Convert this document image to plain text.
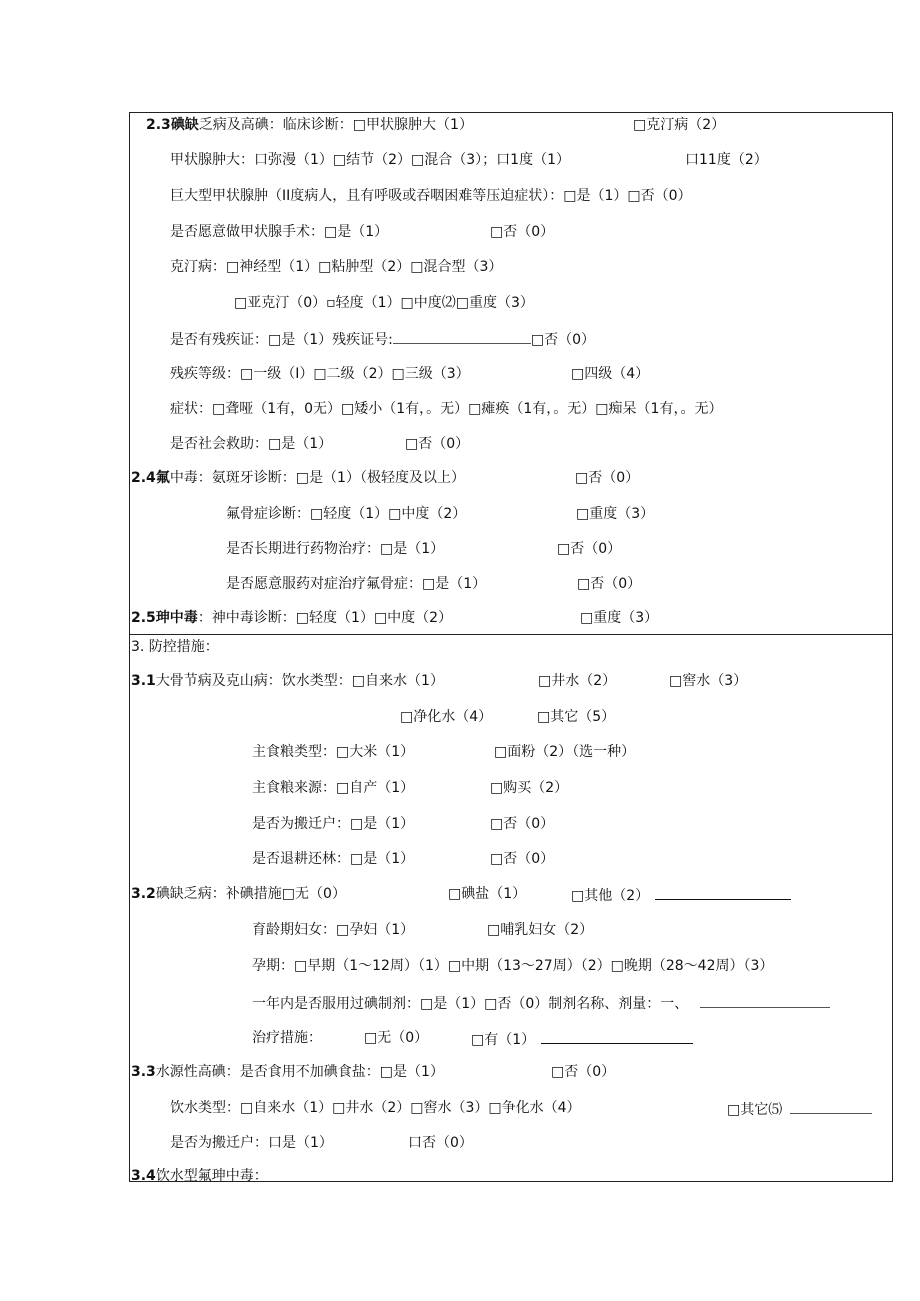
2.3碘缺乏病及高碘：临床诊断：□甲状腺肿大（1）	□克汀病（2）
甲状腺肿大：口弥漫（1）□结节（2）□混合（3）；口1度（1）	口11度（2）
巨大型甲状腺肿（II度病人，且有呼吸或吞咽困难等压迫症状）：□是（1）□否（0）
是否愿意做甲状腺手术：□是（1）	□否（0）
克汀病：□神经型（1）□粘肿型（2）□混合型（3）
□亚克汀（0）▫轻度（1）□中度⑵□重度（3）
是否有残疾证：□是（1）残疾证号:	□否（0）
残疾等级：□一级（I）□二级（2）□三级（3）	□四级（4）
症状：□聋哑（1有，0无）□矮小（1有，。无）□瘫痪（1有，。无）□痴呆（1有，。无）
是否社会救助：□是（1）	□否（0）
2.4氟中毒：氨斑牙诊断：□是（1）（极轻度及以上）	□否（0）
氟骨症诊断：□轻度（1）□中度（2）	□重度（3）
是否长期进行药物治疗：□是（1）	□否（0）
是否愿意服药对症治疗氟骨症：□是（1）	□否（0）
2.5珅中毒：神中毒诊断：□轻度（1）□中度（2）	□重度（3）
3. 防控措施：
3.1大骨节病及克山病：饮水类型：□自来水（1）	□井水（2）	□窖水（3）
□净化水（4）	□其它（5）
主食粮类型：□大米（1）	□面粉（2）（选一种）
主食粮来源：□自产（1）	□购买（2）
是否为搬迁户：□是（1）	□否（0）
是否退耕还林：□是（1）	□否（0）
3.2碘缺乏病：补碘措施□无（0）	□碘盐（1）	□其他（2）
育龄期妇女：□孕妇（1）	□哺乳妇女（2）
孕期：□早期（1～12周）（1）□中期（13～27周）（2）□晚期（28～42周）（3）
一年内是否服用过碘制剂：□是（1）□否（0）制剂名称、剂量：一、
治疗措施：	□无（0）	□有（1）
3.3水源性高碘：是否食用不加碘食盐：□是（1）	□否（0）
饮水类型：□自来水（1）□井水（2）□窖水（3）□争化水（4）	□其它⑸
是否为搬迁户：口是（1）	口否（0）
3.4饮水型氟珅中毒：
